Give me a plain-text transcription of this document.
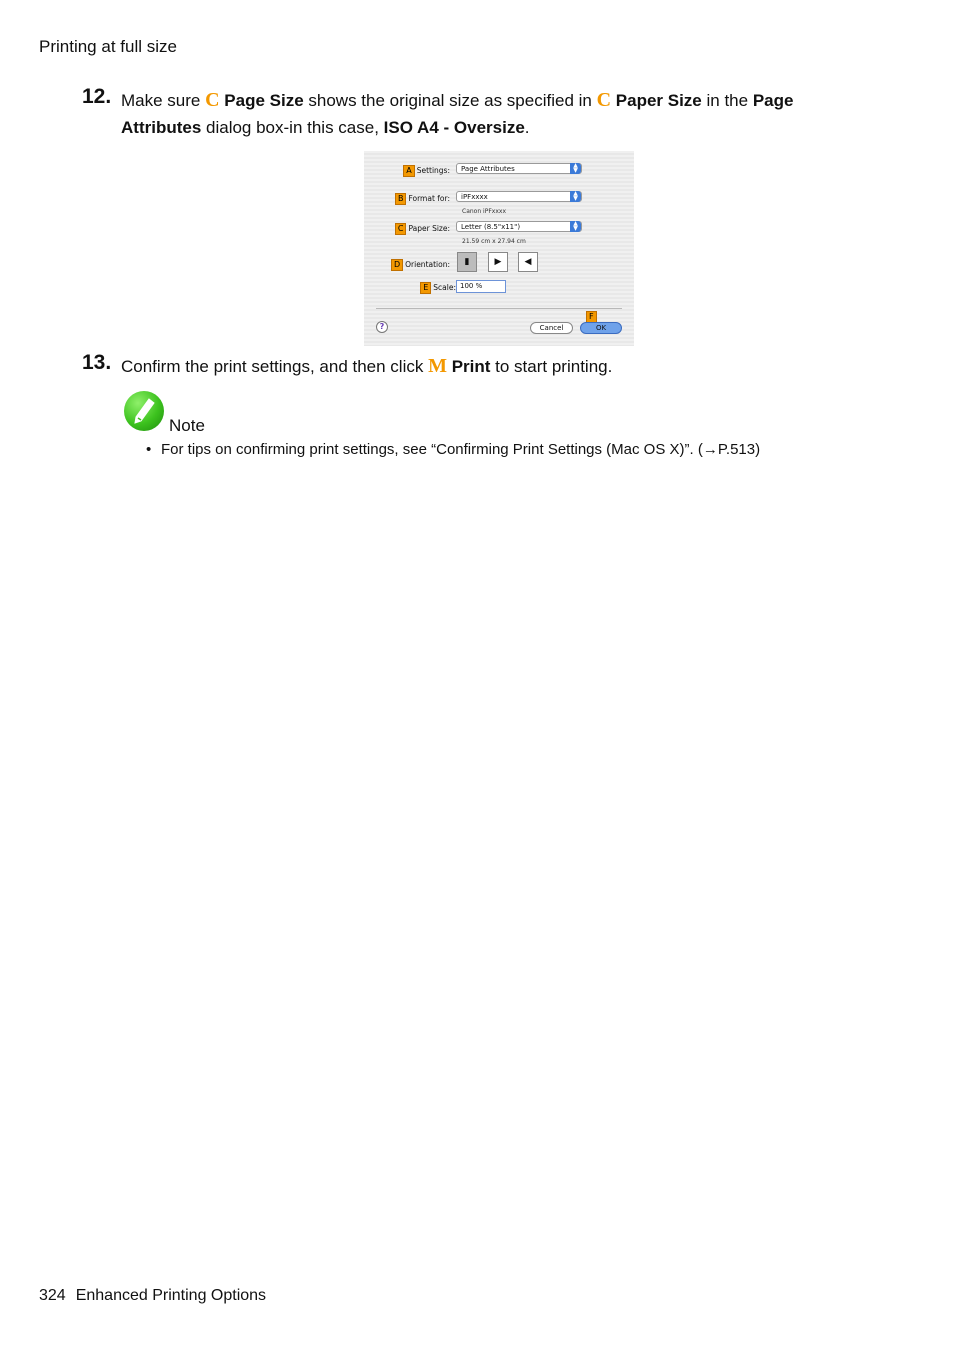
Printing at full size
12. Make sure C Page Size shows the original size as specified in C Paper Size in the Page Attributes dialog box-in this case, ISO A4 - Oversize.
A Settings:	Page Attributes	▲
▼
B Format for:	iPFxxxx	▲
▼
Canon iPFxxxx
C Paper Size:	Letter (8.5"x11")	▲
▼
21.59 cm x 27.94 cm
D Orientation:	▮	▶	◀
E Scale: 100 %
?	Cancel
F
OK
13. Confirm the print settings, and then click M Print to start printing.
Note
• For tips on confirming print settings, see “Confirming Print Settings (Mac OS X)”. (→P.513)
324 Enhanced Printing Options
